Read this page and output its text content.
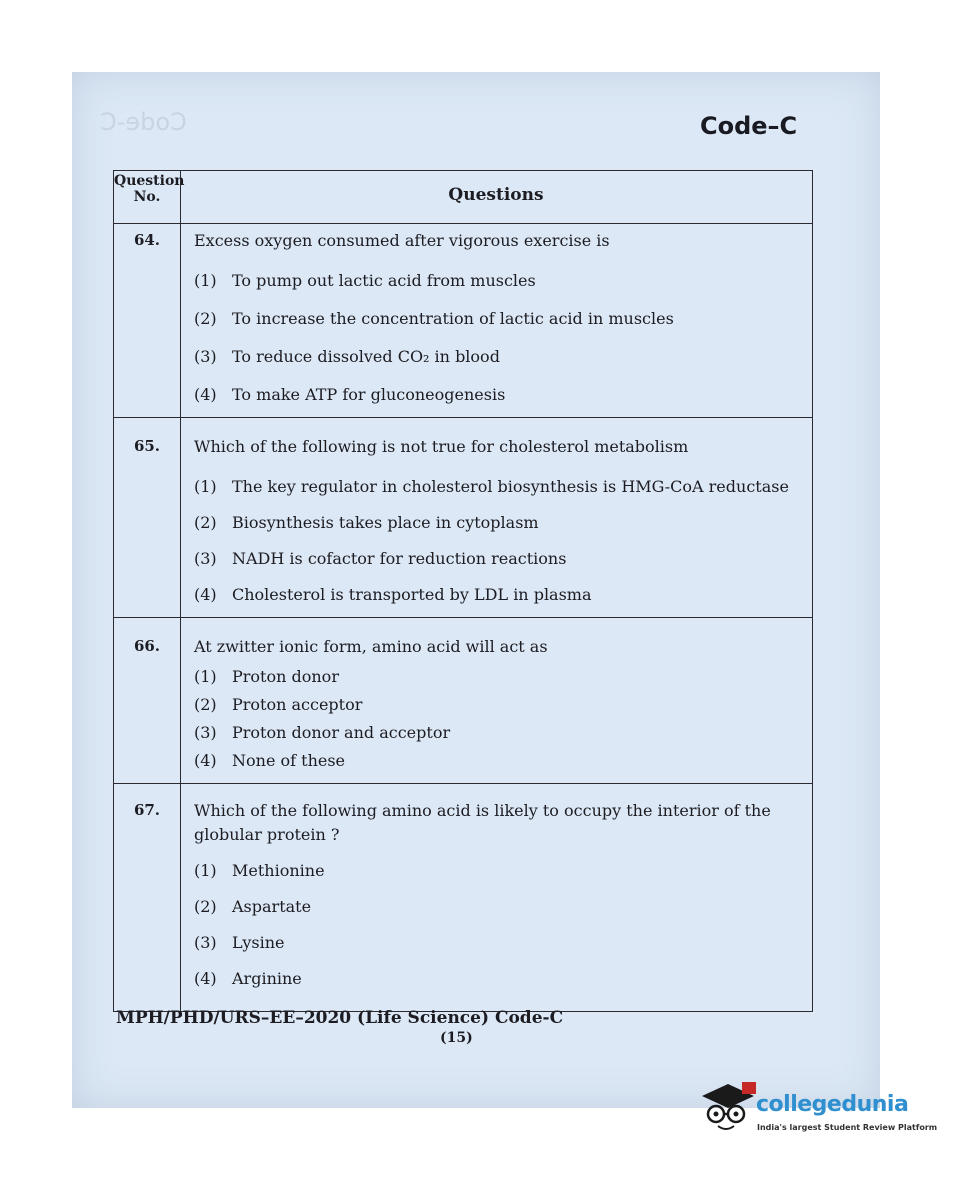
Code-C	Code–C
Question
No.	Questions
64.	Excess oxygen consumed after vigorous exercise is
(1) To pump out lactic acid from muscles
(2) To increase the concentration of lactic acid in muscles
(3) To reduce dissolved CO₂ in blood
(4) To make ATP for gluconeogenesis
65.	Which of the following is not true for cholesterol metabolism
(1) The key regulator in cholesterol biosynthesis is HMG-CoA reductase
(2) Biosynthesis takes place in cytoplasm
(3) NADH is cofactor for reduction reactions
(4) Cholesterol is transported by LDL in plasma
66.	At zwitter ionic form, amino acid will act as
(1) Proton donor
(2) Proton acceptor
(3) Proton donor and acceptor
(4) None of these
67.	Which of the following amino acid is likely to occupy the interior of the globular protein ?
(1) Methionine
(2) Aspartate
(3) Lysine
(4) Arginine
MPH/PHD/URS–EE–2020 (Life Science) Code-C
(15)
collegedunia
India's largest Student Review Platform
